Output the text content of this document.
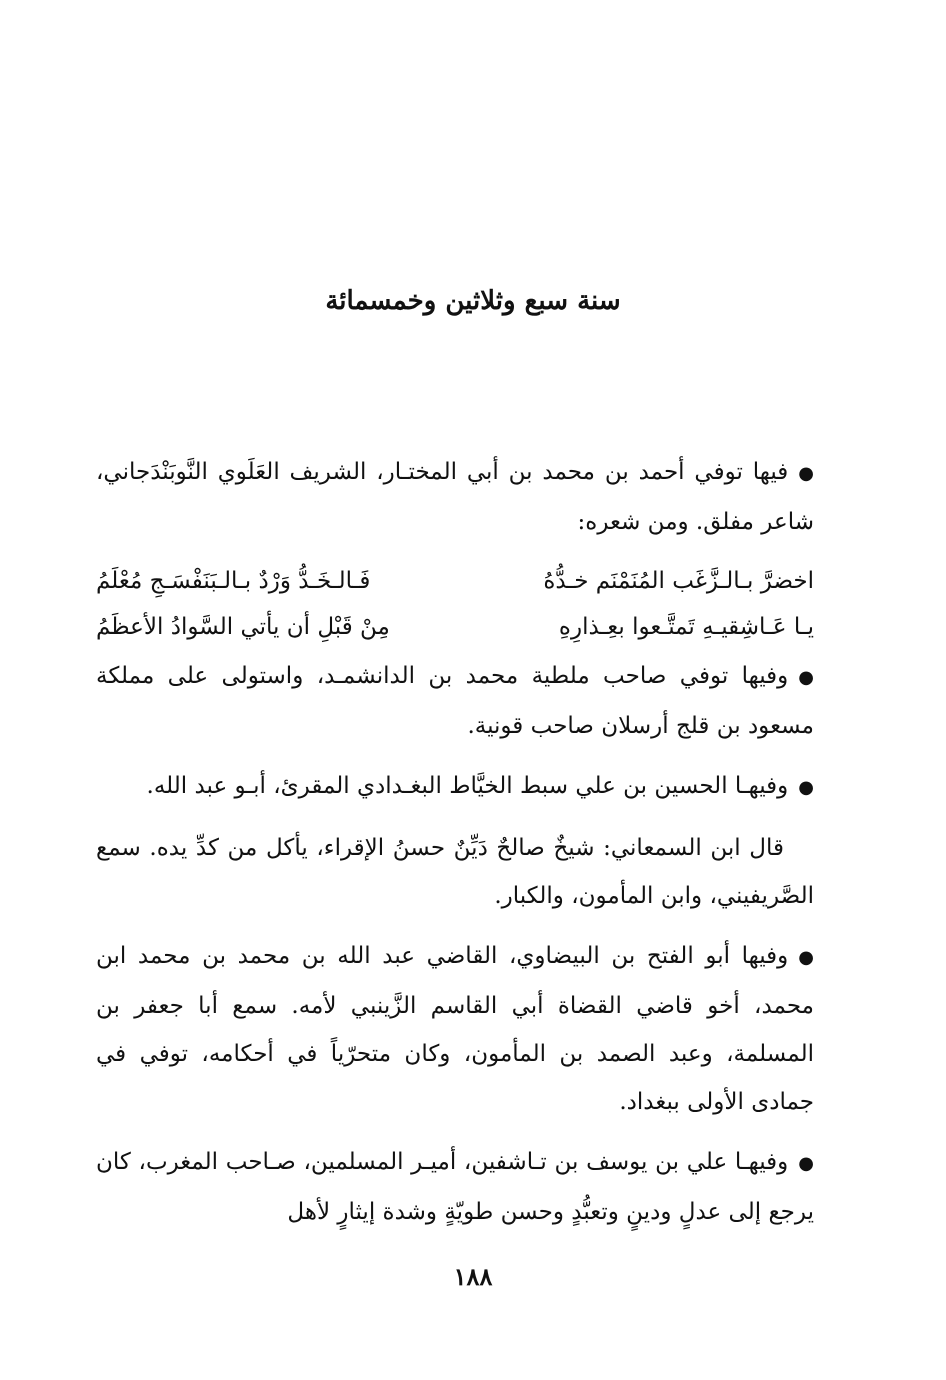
سنة سبع وثلاثين وخمسمائة

●فيها توفي أحمد بن محمد بن أبي المختـار، الشريف العَلَوي النَّوبَنْدَجاني، شاعر مفلق. ومن شعره:

اخضرَّ بـالـزَّغَب المُنَمْنَم خـدُّهُ
فَـالـخَـدُّ وَرْدٌ بـالـبَنَفْسَـجِ مُعْلَمُ
يـا عَـاشِقيـهِ تَمتَّـعوا بعِـذارِهِ
مِنْ قَبْلِ أن يأتي السَّوادُ الأعظَمُ

●وفيها توفي صاحب ملطية محمد بن الدانشمـد، واستولى على مملكة مسعود بن قلج أرسلان صاحب قونية.

●وفيهـا الحسين بن علي سبط الخيَّاط البغـدادي المقرئ، أبـو عبد الله.

قال ابن السمعاني: شيخٌ صالحٌ دَيِّنٌ حسنُ الإقراء، يأكل من كدِّ يده. سمع الصَّريفيني، وابن المأمون، والكبار.

●وفيها أبو الفتح بن البيضاوي، القاضي عبد الله بن محمد بن محمد ابن محمد، أخو قاضي القضاة أبي القاسم الزَّينبي لأمه. سمع أبا جعفر بن المسلمة، وعبد الصمد بن المأمون، وكان متحرّياً في أحكامه، توفي في جمادى الأولى ببغداد.

●وفيهـا علي بن يوسف بن تـاشفين، أميـر المسلمين، صـاحب المغرب، كان يرجع إلى عدلٍ ودينٍ وتعبُّدٍ وحسن طويّةٍ وشدة إيثارٍ لأهل

١٨٨
